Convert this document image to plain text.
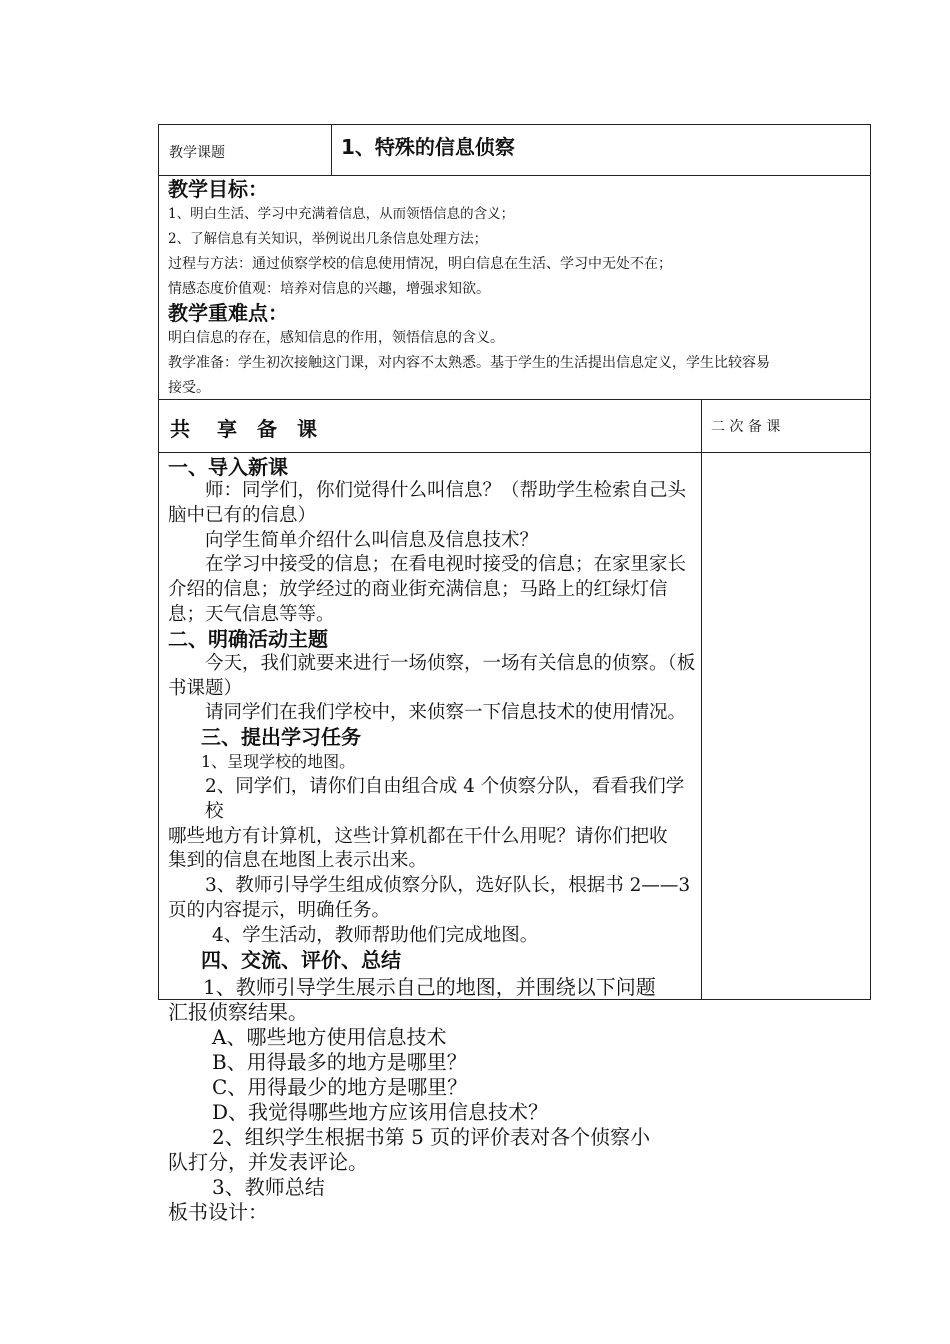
教学课题	1、特殊的信息侦察
教学目标：
1、明白生活、学习中充满着信息，从而领悟信息的含义；
2、了解信息有关知识，举例说出几条信息处理方法；
过程与方法：通过侦察学校的信息使用情况，明白信息在生活、学习中无处不在；
情感态度价值观：培养对信息的兴趣，增强求知欲。
教学重难点：
明白信息的存在，感知信息的作用，领悟信息的含义。
教学准备：学生初次接触这门课，对内容不太熟悉。基于学生的生活提出信息定义，学生比较容易
接受。
共　 享　备　课	二 次 备 课
一、导入新课
师：同学们，你们觉得什么叫信息？（帮助学生检索自己头
脑中已有的信息）
向学生简单介绍什么叫信息及信息技术？
在学习中接受的信息；在看电视时接受的信息；在家里家长
介绍的信息；放学经过的商业街充满信息；马路上的红绿灯信
息；天气信息等等。
二、明确活动主题
今天，我们就要来进行一场侦察，一场有关信息的侦察。（板
书课题）
请同学们在我们学校中，来侦察一下信息技术的使用情况。
三、提出学习任务
1、呈现学校的地图。
2、同学们，请你们自由组合成 4 个侦察分队，看看我们学校
哪些地方有计算机，这些计算机都在干什么用呢？请你们把收
集到的信息在地图上表示出来。
3、教师引导学生组成侦察分队，选好队长，根据书 2——3
页的内容提示，明确任务。
4、学生活动，教师帮助他们完成地图。
四、交流、评价、总结
1、教师引导学生展示自己的地图，并围绕以下问题
汇报侦察结果。
A、哪些地方使用信息技术
B、用得最多的地方是哪里？
C、用得最少的地方是哪里？
D、我觉得哪些地方应该用信息技术？
2、组织学生根据书第 5 页的评价表对各个侦察小
队打分，并发表评论。
3、教师总结
板书设计：
